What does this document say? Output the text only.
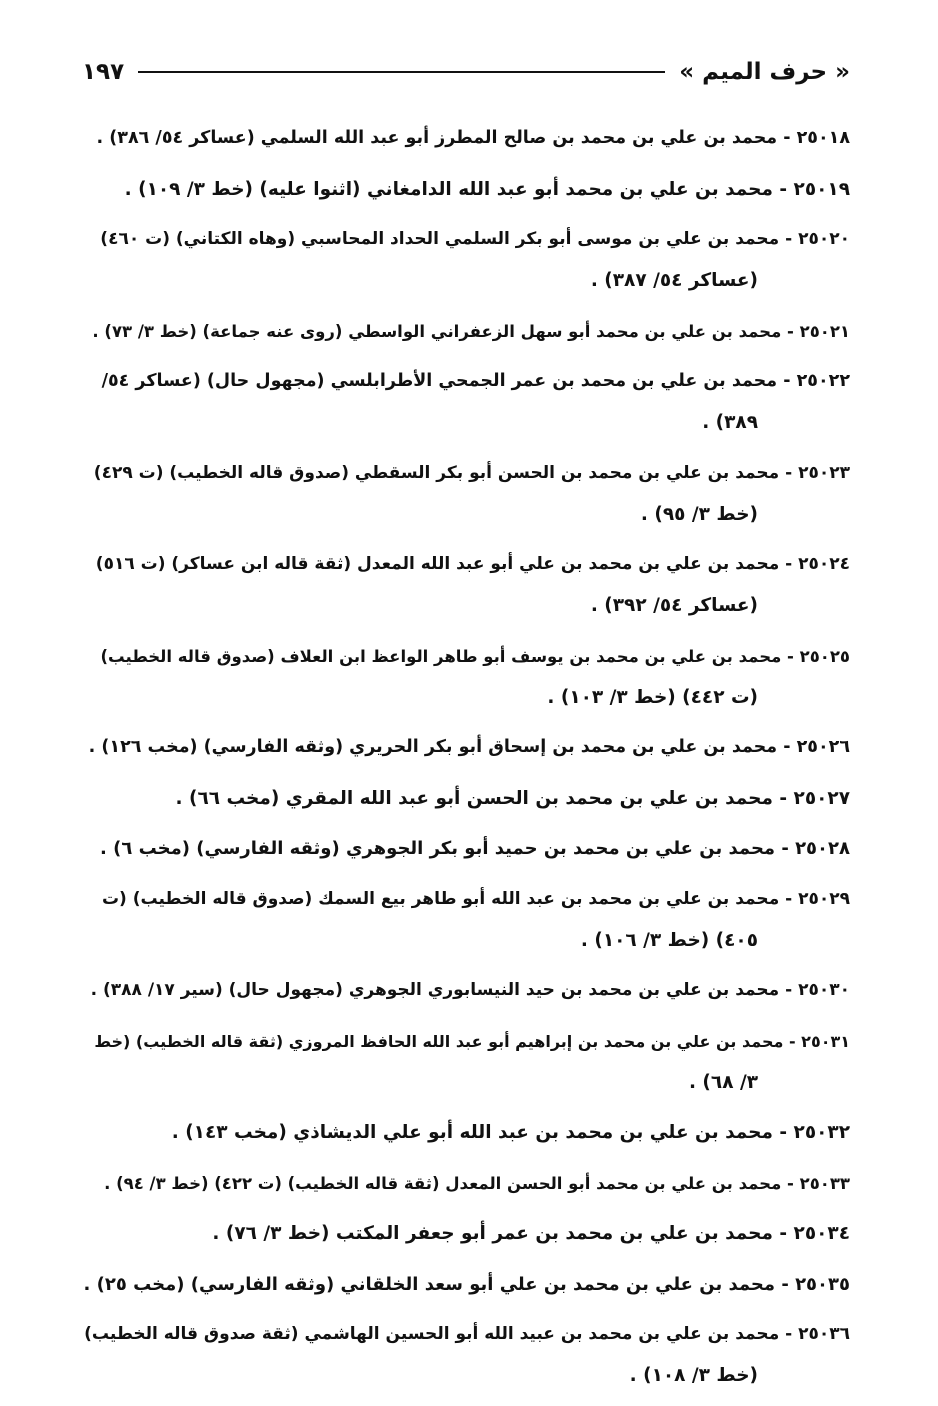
« حرف الميم »
١٩٧
٢٥٠١٨ - محمد بن علي بن محمد بن صالح المطرز أبو عبد الله السلمي (عساكر ٥٤/ ٣٨٦) .
٢٥٠١٩ - محمد بن علي بن محمد أبو عبد الله الدامغاني (اثنوا عليه) (خط ٣/ ١٠٩) .
٢٥٠٢٠ - محمد بن علي بن موسى أبو بكر السلمي الحداد المحاسبي (وهاه الكتاني) (ت ٤٦٠)
(عساكر ٥٤/ ٣٨٧) .
٢٥٠٢١ - محمد بن علي بن محمد أبو سهل الزعفراني الواسطي (روى عنه جماعة) (خط ٣/ ٧٣) .
٢٥٠٢٢ - محمد بن علي بن محمد بن عمر الجمحي الأطرابلسي (مجهول حال) (عساكر ٥٤/
٣٨٩) .
٢٥٠٢٣ - محمد بن علي بن محمد بن الحسن أبو بكر السقطي (صدوق قاله الخطيب) (ت ٤٢٩)
(خط ٣/ ٩٥) .
٢٥٠٢٤ - محمد بن علي بن محمد بن علي أبو عبد الله المعدل (ثقة قاله ابن عساكر) (ت ٥١٦)
(عساكر ٥٤/ ٣٩٢) .
٢٥٠٢٥ - محمد بن علي بن محمد بن يوسف أبو طاهر الواعظ ابن العلاف (صدوق قاله الخطيب)
(ت ٤٤٢) (خط ٣/ ١٠٣) .
٢٥٠٢٦ - محمد بن علي بن محمد بن إسحاق أبو بكر الحريري (وثقه الفارسي) (مخب ١٢٦) .
٢٥٠٢٧ - محمد بن علي بن محمد بن الحسن أبو عبد الله المقري (مخب ٦٦) .
٢٥٠٢٨ - محمد بن علي بن محمد بن حميد أبو بكر الجوهري (وثقه الفارسي) (مخب ٦) .
٢٥٠٢٩ - محمد بن علي بن محمد بن عبد الله أبو طاهر بيع السمك (صدوق قاله الخطيب) (ت
٤٠٥) (خط ٣/ ١٠٦) .
٢٥٠٣٠ - محمد بن علي بن محمد بن حيد النيسابوري الجوهري (مجهول حال) (سير ١٧/ ٣٨٨) .
٢٥٠٣١ - محمد بن علي بن محمد بن إبراهيم أبو عبد الله الحافظ المروزي (ثقة قاله الخطيب) (خط
٣/ ٦٨) .
٢٥٠٣٢ - محمد بن علي بن محمد بن عبد الله أبو علي الديشاذي (مخب ١٤٣) .
٢٥٠٣٣ - محمد بن علي بن محمد أبو الحسن المعدل (ثقة قاله الخطيب) (ت ٤٢٢) (خط ٣/ ٩٤) .
٢٥٠٣٤ - محمد بن علي بن محمد بن عمر أبو جعفر المكتب (خط ٣/ ٧٦) .
٢٥٠٣٥ - محمد بن علي بن محمد بن علي أبو سعد الخلقاني (وثقه الفارسي) (مخب ٢٥) .
٢٥٠٣٦ - محمد بن علي بن محمد بن عبيد الله أبو الحسين الهاشمي (ثقة صدوق قاله الخطيب)
(خط ٣/ ١٠٨) .
